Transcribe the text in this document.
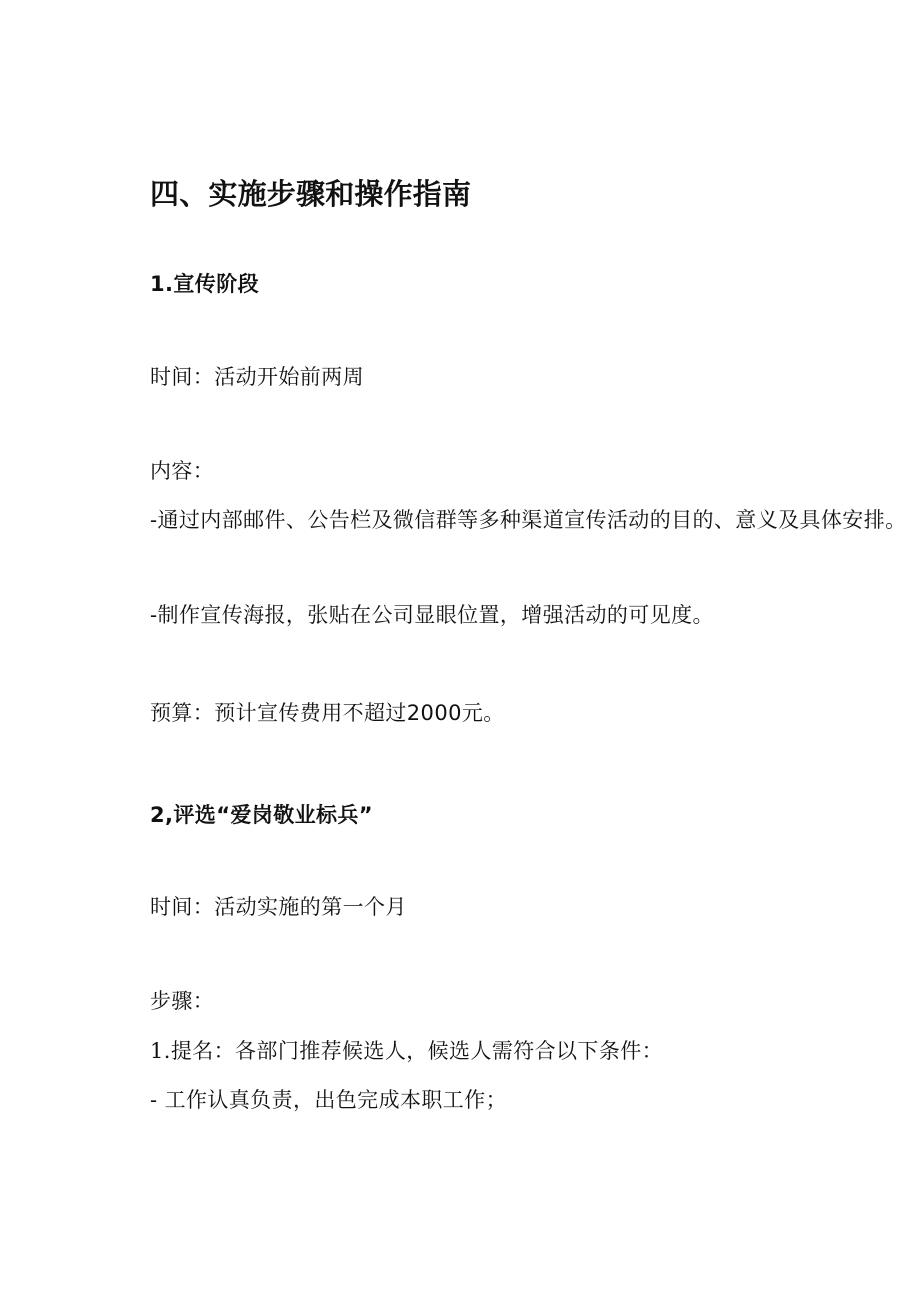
四、实施步骤和操作指南
1.宣传阶段
时间：活动开始前两周
内容：
-通过内部邮件、公告栏及微信群等多种渠道宣传活动的目的、意义及具体安排。
-制作宣传海报，张贴在公司显眼位置，增强活动的可见度。
预算：预计宣传费用不超过2000元。
2,评选“爱岗敬业标兵”
时间：活动实施的第一个月
步骤：
1.提名：各部门推荐候选人，候选人需符合以下条件：
- 工作认真负责，出色完成本职工作；
